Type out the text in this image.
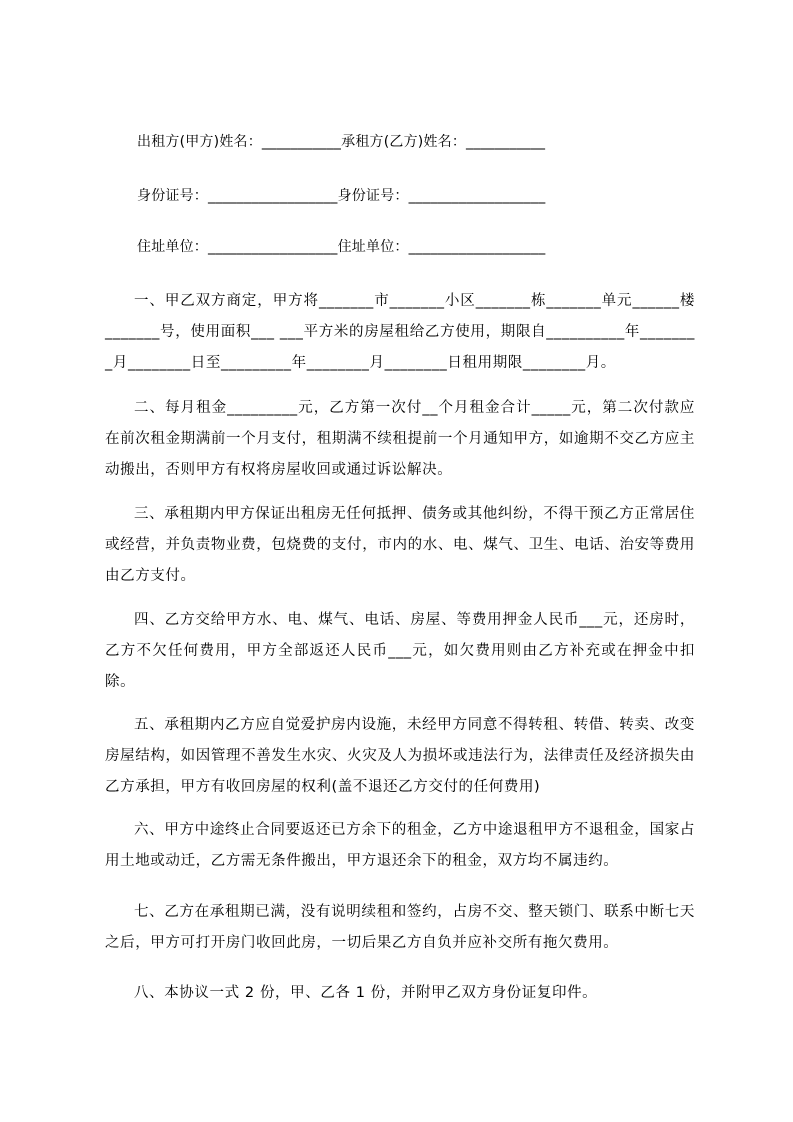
出租方(甲方)姓名：___________承租方(乙方)姓名：___________
身份证号：__________________身份证号：___________________
住址单位：__________________住址单位：___________________

一、甲乙双方商定，甲方将_______市_______小区_______栋_______单元______楼_______号，使用面积___ ___平方米的房屋租给乙方使用，期限自__________年________月________日至_________年________月________日租用期限________月。

二、每月租金_________元，乙方第一次付__个月租金合计_____元，第二次付款应在前次租金期满前一个月支付，租期满不续租提前一个月通知甲方，如逾期不交乙方应主动搬出，否则甲方有权将房屋收回或通过诉讼解决。

三、承租期内甲方保证出租房无任何抵押、债务或其他纠纷，不得干预乙方正常居住或经营，并负责物业费，包烧费的支付，市内的水、电、煤气、卫生、电话、治安等费用由乙方支付。

四、乙方交给甲方水、电、煤气、电话、房屋、等费用押金人民币___元，还房时，乙方不欠任何费用，甲方全部返还人民币___元，如欠费用则由乙方补充或在押金中扣除。

五、承租期内乙方应自觉爱护房内设施，未经甲方同意不得转租、转借、转卖、改变房屋结构，如因管理不善发生水灾、火灾及人为损坏或违法行为，法律责任及经济损失由乙方承担，甲方有收回房屋的权利(盖不退还乙方交付的任何费用)

六、甲方中途终止合同要返还已方余下的租金，乙方中途退租甲方不退租金，国家占用土地或动迁，乙方需无条件搬出，甲方退还余下的租金，双方均不属违约。

七、乙方在承租期已满，没有说明续租和签约，占房不交、整天锁门、联系中断七天之后，甲方可打开房门收回此房，一切后果乙方自负并应补交所有拖欠费用。

八、本协议一式 2 份，甲、乙各 1 份，并附甲乙双方身份证复印件。
